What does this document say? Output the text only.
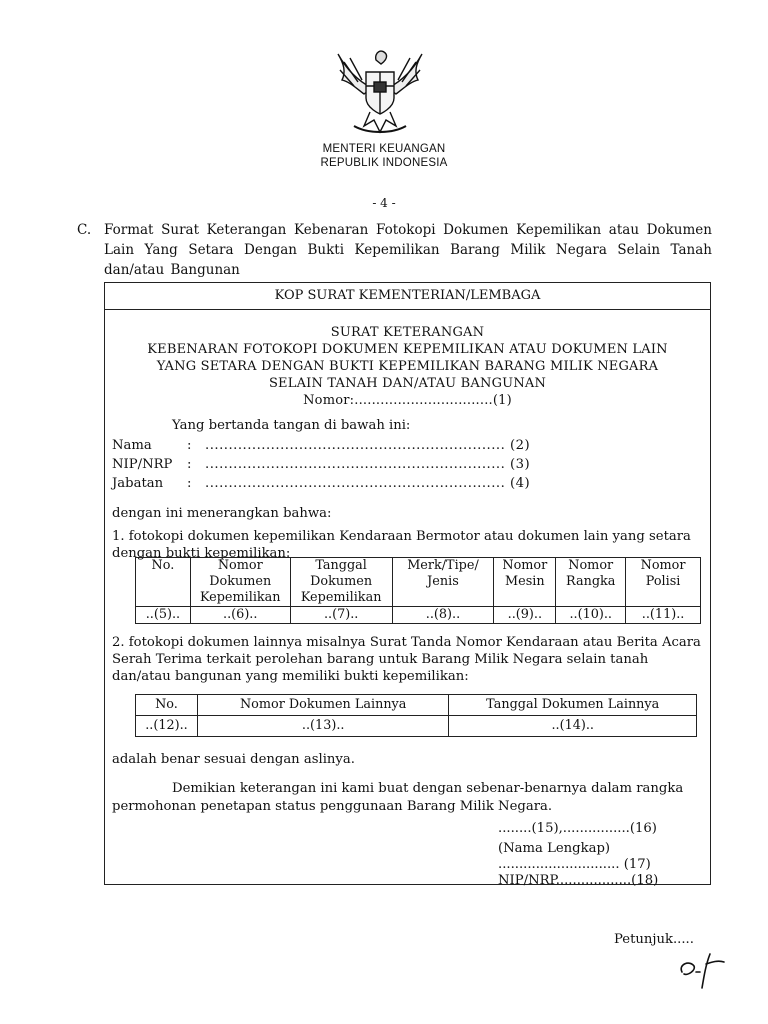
MENTERI KEUANGAN
REPUBLIK INDONESIA
- 4 -
C. Format Surat Keterangan Kebenaran Fotokopi Dokumen Kepemilikan atau Dokumen Lain Yang Setara Dengan Bukti Kepemilikan Barang Milik Negara Selain Tanah dan/atau Bangunan
KOP SURAT KEMENTERIAN/LEMBAGA
SURAT KETERANGAN
KEBENARAN FOTOKOPI DOKUMEN KEPEMILIKAN ATAU DOKUMEN LAIN
YANG SETARA DENGAN BUKTI KEPEMILIKAN BARANG MILIK NEGARA
SELAIN TANAH DAN/ATAU BANGUNAN
Nomor:................................(1)
Yang bertanda tangan di bawah ini:
Nama	: ................................................................ (2)
NIP/NRP : ................................................................ (3)
Jabatan : ................................................................ (4)
dengan ini menerangkan bahwa:
1. fotokopi dokumen kepemilikan Kendaraan Bermotor atau dokumen lain yang setara dengan bukti kepemilikan:
No.	Nomor Dokumen Kepemilikan	Tanggal Dokumen Kepemilikan	Merk/Tipe/ Jenis	Nomor Mesin	Nomor Rangka	Nomor Polisi
..(5)..	..(6)..	..(7)..	..(8)..	..(9)..	..(10)..	..(11)..
2. fotokopi dokumen lainnya misalnya Surat Tanda Nomor Kendaraan atau Berita Acara Serah Terima terkait perolehan barang untuk Barang Milik Negara selain tanah dan/atau bangunan yang memiliki bukti kepemilikan:
No.	Nomor Dokumen Lainnya	Tanggal Dokumen Lainnya
..(12)..	..(13)..	..(14)..
adalah benar sesuai dengan aslinya.
Demikian keterangan ini kami buat dengan sebenar-benarnya dalam rangka permohonan penetapan status penggunaan Barang Milik Negara.
........(15),................(16)
(Nama Lengkap)
............................. (17)
NIP/NRP..................(18)
Petunjuk.....
